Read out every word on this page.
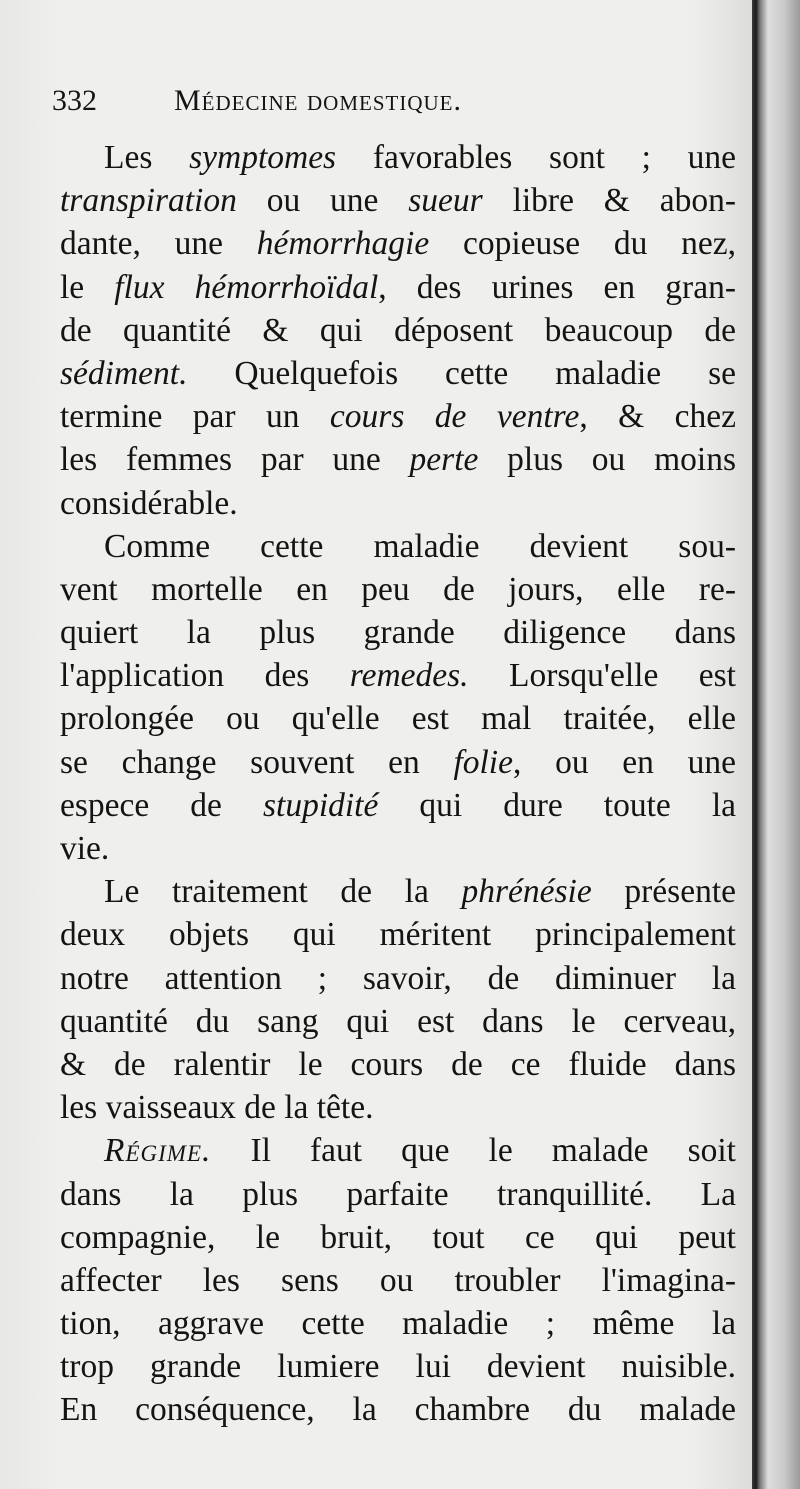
332	Médecine domestique.
Les symptomes favorables sont ; une
transpiration ou une sueur libre & abon-
dante, une hémorrhagie copieuse du nez,
le flux hémorrhoïdal, des urines en gran-
de quantité & qui déposent beaucoup de
sédiment. Quelquefois cette maladie se
termine par un cours de ventre, & chez
les femmes par une perte plus ou moins
considérable.
Comme cette maladie devient sou-
vent mortelle en peu de jours, elle re-
quiert la plus grande diligence dans
l'application des remedes. Lorsqu'elle est
prolongée ou qu'elle est mal traitée, elle
se change souvent en folie, ou en une
espece de stupidité qui dure toute la
vie.
Le traitement de la phrénésie présente
deux objets qui méritent principalement
notre attention ; savoir, de diminuer la
quantité du sang qui est dans le cerveau,
& de ralentir le cours de ce fluide dans
les vaisseaux de la tête.
Régime. Il faut que le malade soit
dans la plus parfaite tranquillité. La
compagnie, le bruit, tout ce qui peut
affecter les sens ou troubler l'imagina-
tion, aggrave cette maladie ; même la
trop grande lumiere lui devient nuisible.
En conséquence, la chambre du malade
